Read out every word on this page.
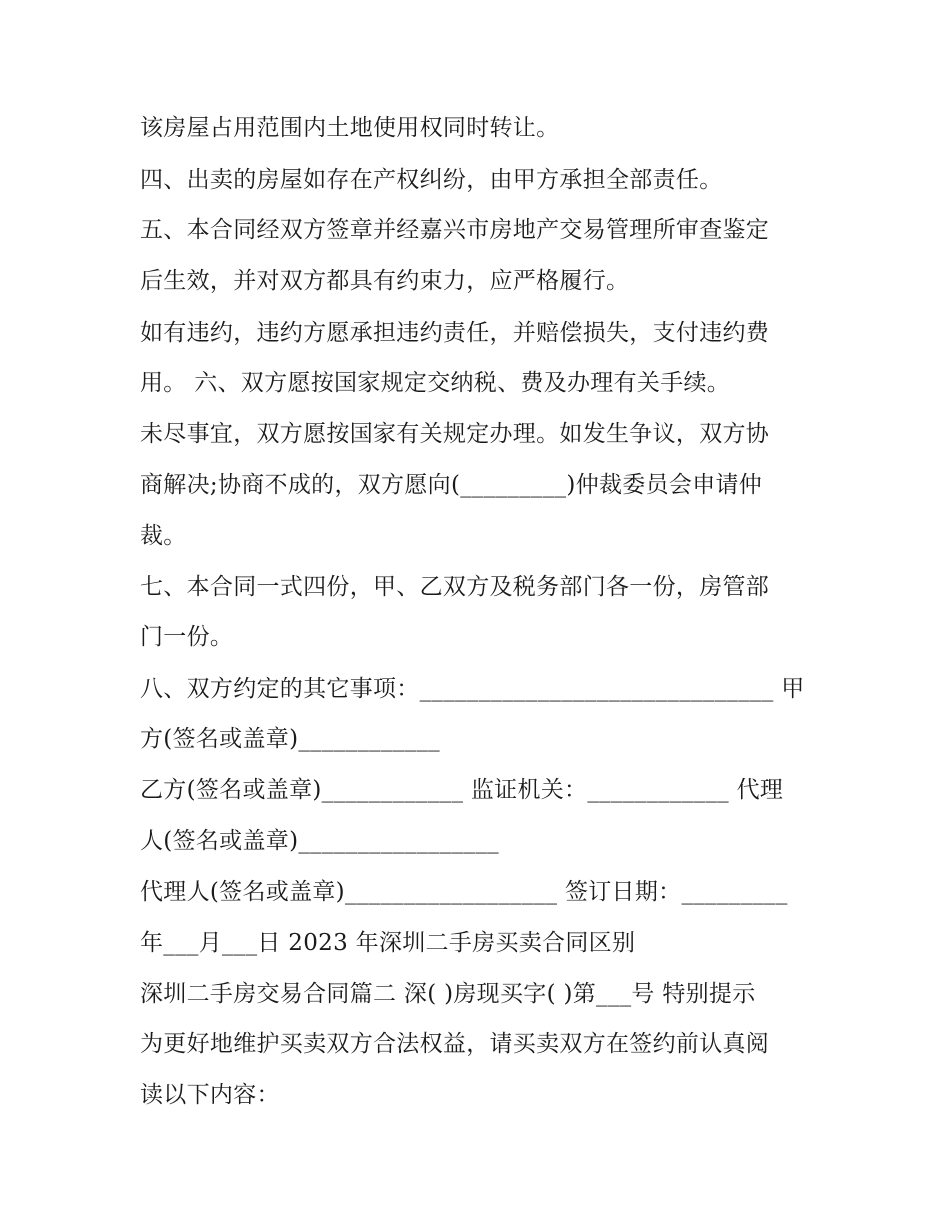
该房屋占用范围内土地使用权同时转让。
四、出卖的房屋如存在产权纠纷，由甲方承担全部责任。
五、本合同经双方签章并经嘉兴市房地产交易管理所审查鉴定
后生效，并对双方都具有约束力，应严格履行。
如有违约，违约方愿承担违约责任，并赔偿损失，支付违约费
用。 六、双方愿按国家规定交纳税、费及办理有关手续。
未尽事宜，双方愿按国家有关规定办理。如发生争议，双方协
商解决;协商不成的，双方愿向(_________)仲裁委员会申请仲
裁。
七、本合同一式四份，甲、乙双方及税务部门各一份，房管部
门一份。
八、双方约定的其它事项：______________________________ 甲
方(签名或盖章)____________
乙方(签名或盖章)____________ 监证机关：____________ 代理
人(签名或盖章)_________________
代理人(签名或盖章)__________________ 签订日期：_________
年___月___日 2023 年深圳二手房买卖合同区别
深圳二手房交易合同篇二 深( )房现买字( )第___号 特别提示
为更好地维护买卖双方合法权益，请买卖双方在签约前认真阅
读以下内容：
